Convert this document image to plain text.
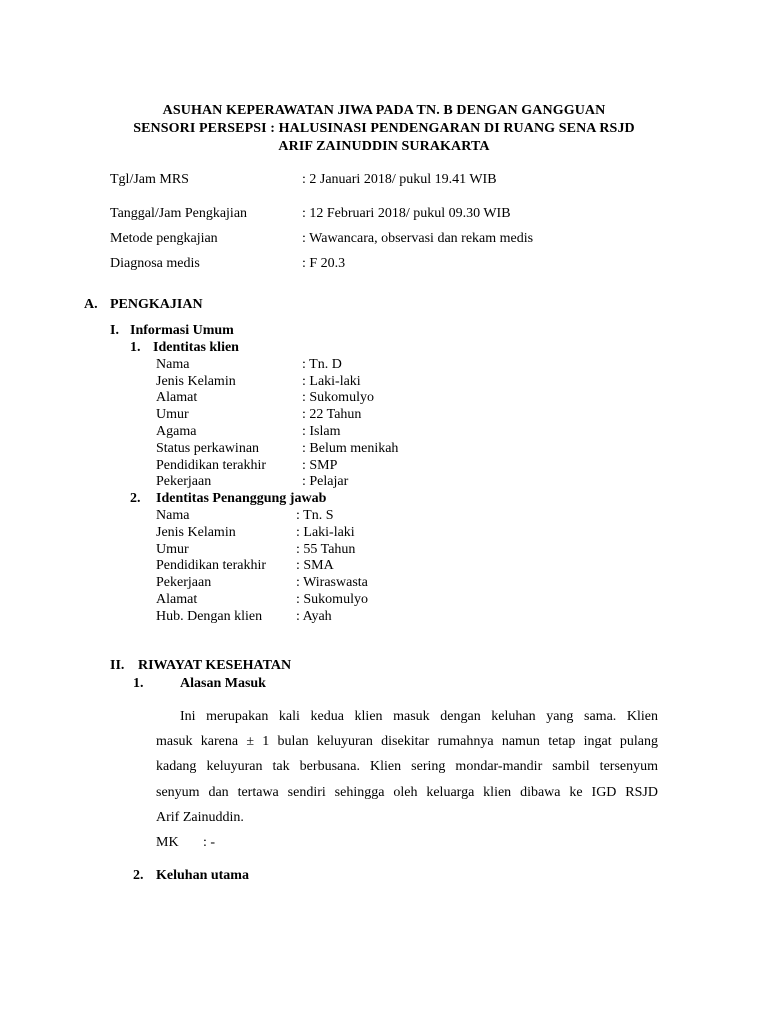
ASUHAN KEPERAWATAN JIWA PADA TN. B DENGAN GANGGUAN
SENSORI PERSEPSI : HALUSINASI PENDENGARAN DI RUANG SENA RSJD
ARIF ZAINUDDIN SURAKARTA
Tgl/Jam MRS	: 2 Januari 2018/ pukul 19.41 WIB
Tanggal/Jam Pengkajian	: 12 Februari 2018/ pukul 09.30 WIB
Metode pengkajian	: Wawancara, observasi dan rekam medis
Diagnosa medis	: F 20.3
A. PENGKAJIAN
I. Informasi Umum
1. Identitas klien
Nama	: Tn. D
Jenis Kelamin	: Laki-laki
Alamat	: Sukomulyo
Umur	: 22 Tahun
Agama	: Islam
Status perkawinan	: Belum menikah
Pendidikan terakhir	: SMP
Pekerjaan	: Pelajar
2. Identitas Penanggung jawab
Nama	: Tn. S
Jenis Kelamin	: Laki-laki
Umur	: 55 Tahun
Pendidikan terakhir : SMA
Pekerjaan	: Wiraswasta
Alamat	: Sukomulyo
Hub. Dengan klien : Ayah
II. RIWAYAT KESEHATAN
1.	Alasan Masuk
Ini merupakan kali kedua klien masuk dengan keluhan yang sama. Klien
masuk karena ± 1 bulan keluyuran disekitar rumahnya namun tetap ingat pulang
kadang keluyuran tak berbusana. Klien sering mondar-mandir sambil tersenyum
senyum dan tertawa sendiri sehingga oleh keluarga klien dibawa ke IGD RSJD
Arif Zainuddin.
MK : -
2. Keluhan utama
